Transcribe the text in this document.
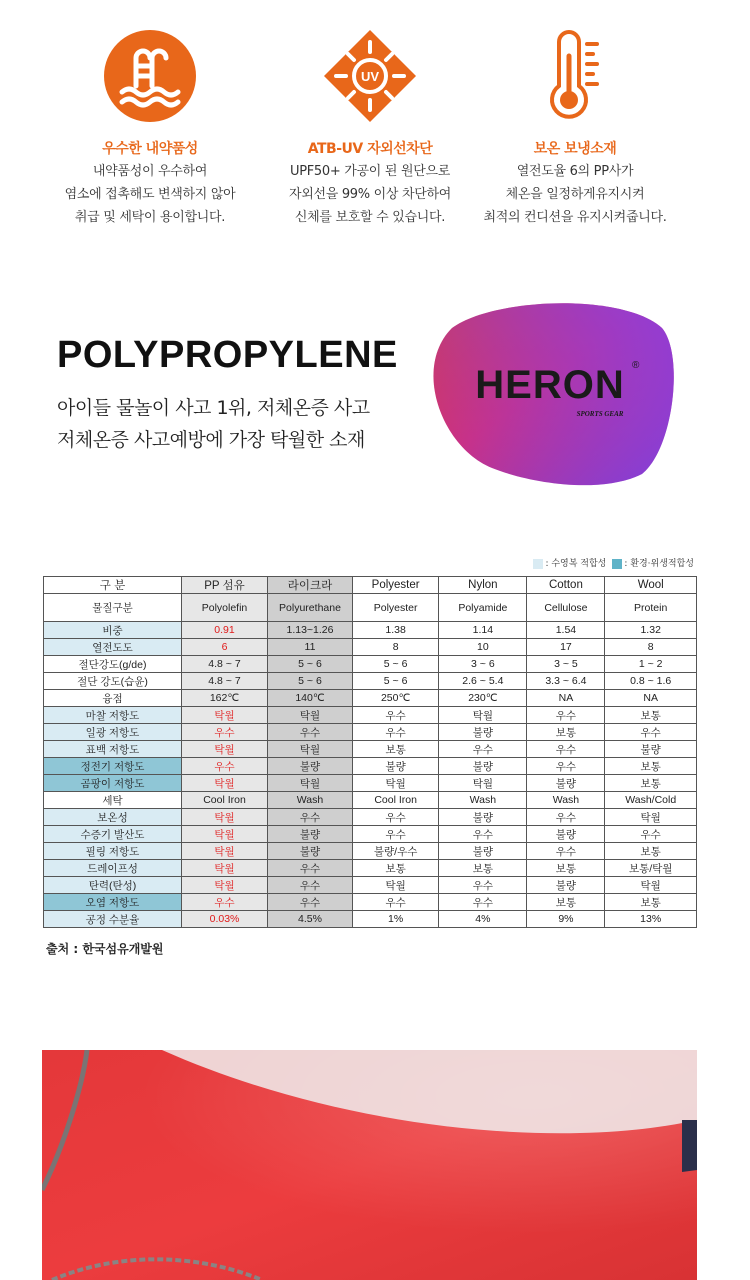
우수한 내약품성
내약품성이 우수하여
염소에 접촉해도 변색하지 않아
취급 및 세탁이 용이합니다.
UV
ATB-UV 자외선차단
UPF50+ 가공이 된 원단으로
자외선을 99% 이상 차단하여
신체를 보호할 수 있습니다.
보온 보냉소재
열전도율 6의 PP사가
체온을 일정하게유지시켜
최적의 컨디션을 유지시켜줍니다.
POLYPROPYLENE
아이들 물놀이 사고 1위, 저체온증 사고
저체온증 사고예방에 가장 탁월한 소재
HERON ®
SPORTS GEAR
: 수영복 적합성	: 환경·위생적합성
구 분	PP 섬유	라이크라	Polyester	Nylon	Cotton	Wool
물질구분	Polyolefin	Polyurethane	Polyester	Polyamide	Cellulose	Protein
비중	0.91	1.13~1.26	1.38	1.14	1.54	1.32
열전도도	6	11	8	10	17	8
절단강도(g/de)	4.8 ~ 7	5 ~ 6	5 ~ 6	3 ~ 6	3 ~ 5	1 ~ 2
절단 강도(습윤)	4.8 ~ 7	5 ~ 6	5 ~ 6	2.6 ~ 5.4	3.3 ~ 6.4	0.8 ~ 1.6
융점	162℃	140℃	250℃	230℃	NA	NA
마찰 저항도	탁월	탁월	우수	탁월	우수	보통
일광 저항도	우수	우수	우수	불량	보통	우수
표백 저항도	탁월	탁월	보통	우수	우수	불량
정전기 저항도	우수	불량	불량	불량	우수	보통
곰팡이 저항도	탁월	탁월	탁월	탁월	불량	보통
세탁	Cool Iron	Wash	Cool Iron	Wash	Wash	Wash/Cold
보온성	탁월	우수	우수	불량	우수	탁월
수증기 발산도	탁월	불량	우수	우수	불량	우수
필링 저항도	탁월	불량	불량/우수	불량	우수	보통
드레이프성	탁월	우수	보통	보통	보통	보통/탁월
탄력(탄성)	탁월	우수	탁월	우수	불량	탁월
오염 저항도	우수	우수	우수	우수	보통	보통
공정 수분율	0.03%	4.5%	1%	4%	9%	13%
출처 : 한국섬유개발원
